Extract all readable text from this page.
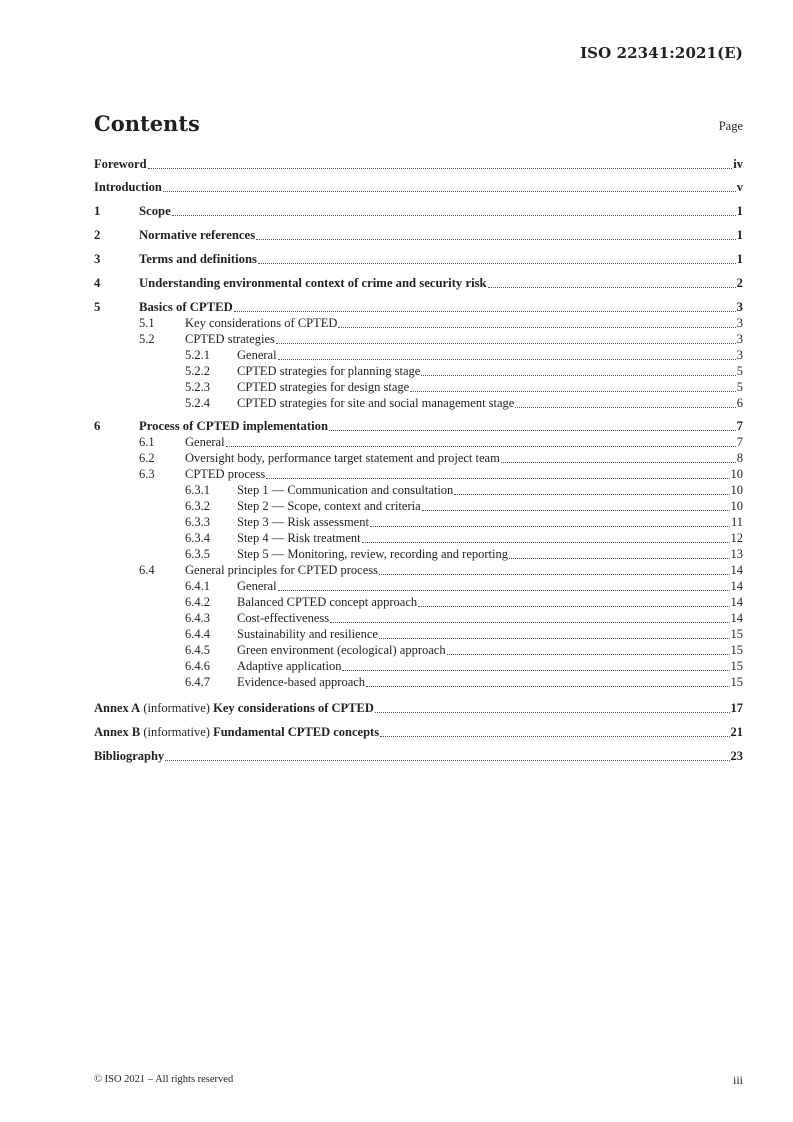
ISO 22341:2021(E)
Contents	Page
Foreword	iv
Introduction	v
1	Scope	1
2	Normative references	1
3	Terms and definitions	1
4	Understanding environmental context of crime and security risk	2
5	Basics of CPTED	3
5.1	Key considerations of CPTED	3
5.2	CPTED strategies	3
5.2.1	General	3
5.2.2	CPTED strategies for planning stage	5
5.2.3	CPTED strategies for design stage	5
5.2.4	CPTED strategies for site and social management stage	6
6	Process of CPTED implementation	7
6.1	General	7
6.2	Oversight body, performance target statement and project team	8
6.3	CPTED process	10
6.3.1	Step 1 — Communication and consultation	10
6.3.2	Step 2 — Scope, context and criteria	10
6.3.3	Step 3 — Risk assessment	11
6.3.4	Step 4 — Risk treatment	12
6.3.5	Step 5 — Monitoring, review, recording and reporting	13
6.4	General principles for CPTED process	14
6.4.1	General	14
6.4.2	Balanced CPTED concept approach	14
6.4.3	Cost-effectiveness	14
6.4.4	Sustainability and resilience	15
6.4.5	Green environment (ecological) approach	15
6.4.6	Adaptive application	15
6.4.7	Evidence-based approach	15
Annex A (informative) Key considerations of CPTED	17
Annex B (informative) Fundamental CPTED concepts	21
Bibliography	23
© ISO 2021 – All rights reserved	iii
